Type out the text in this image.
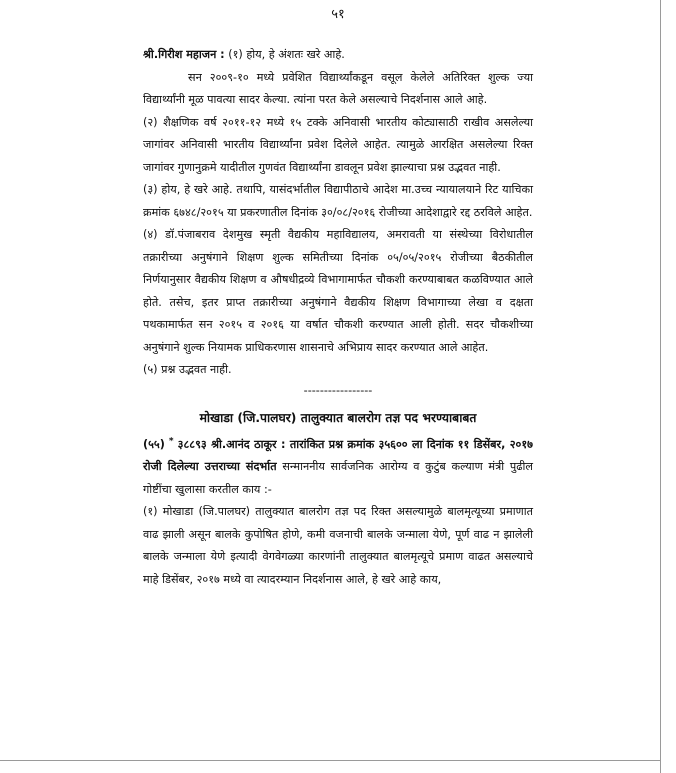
५१

श्री.गिरीश महाजन : (१) होय, हे अंशतः खरे आहे.

सन २००९-१० मध्ये प्रवेशित विद्यार्थ्यांकडून वसूल केलेले अतिरिक्त शुल्क ज्या विद्यार्थ्यांनी मूळ पावत्या सादर केल्या. त्यांना परत केले असल्याचे निदर्शनास आले आहे.

(२) शैक्षणिक वर्ष २०११-१२ मध्ये १५ टक्के अनिवासी भारतीय कोट्यासाठी राखीव असलेल्या जागांवर अनिवासी भारतीय विद्यार्थ्यांना प्रवेश दिलेले आहेत. त्यामुळे आरक्षित असलेल्या रिक्त जागांवर गुणानुक्रमे यादीतील गुणवंत विद्यार्थ्यांना डावलून प्रवेश झाल्याचा प्रश्न उद्भवत नाही.

(३) होय, हे खरे आहे. तथापि, यासंदर्भातील विद्यापीठाचे आदेश मा.उच्च न्यायालयाने रिट याचिका क्रमांक ६७४८/२०१५ या प्रकरणातील दिनांक ३०/०८/२०१६ रोजीच्या आदेशाद्वारे रद्द ठरविले आहेत.

(४) डॉ.पंजाबराव देशमुख स्मृती वैद्यकीय महाविद्यालय, अमरावती या संस्थेच्या विरोधातील तक्रारीच्या अनुषंगाने शिक्षण शुल्क समितीच्या दिनांक ०५/०५/२०१५ रोजीच्या बैठकीतील निर्णयानुसार वैद्यकीय शिक्षण व औषधीद्रव्ये विभागामार्फत चौकशी करण्याबाबत कळविण्यात आले होते. तसेच, इतर प्राप्त तक्रारीच्या अनुषंगाने वैद्यकीय शिक्षण विभागाच्या लेखा व दक्षता पथकामार्फत सन २०१५ व २०१६ या वर्षात चौकशी करण्यात आली होती. सदर चौकशीच्या अनुषंगाने शुल्क नियामक प्राधिकरणास शासनाचे अभिप्राय सादर करण्यात आले आहेत.

(५) प्रश्न उद्भवत नाही.

-----------------
मोखाडा (जि.पालघर) तालुक्यात बालरोग तज्ञ पद भरण्याबाबत

(५५) * ३८८९३ श्री.आनंद ठाकूर : तारांकित प्रश्न क्रमांक ३५६०० ला दिनांक ११ डिसेंबर, २०१७ रोजी दिलेल्या उत्तराच्या संदर्भात सन्माननीय सार्वजनिक आरोग्य व कुटुंब कल्याण मंत्री पुढील गोष्टींचा खुलासा करतील काय :-

(१) मोखाडा (जि.पालघर) तालुक्यात बालरोग तज्ञ पद रिक्त असल्यामुळे बालमृत्यूच्या प्रमाणात वाढ झाली असून बालके कुपोषित होणे, कमी वजनाची बालके जन्माला येणे, पूर्ण वाढ न झालेली बालके जन्माला येणे इत्यादी वेगवेगळ्या कारणांनी तालुक्यात बालमृत्यूचे प्रमाण वाढत असल्याचे माहे डिसेंबर, २०१७ मध्ये वा त्यादरम्यान निदर्शनास आले, हे खरे आहे काय,
